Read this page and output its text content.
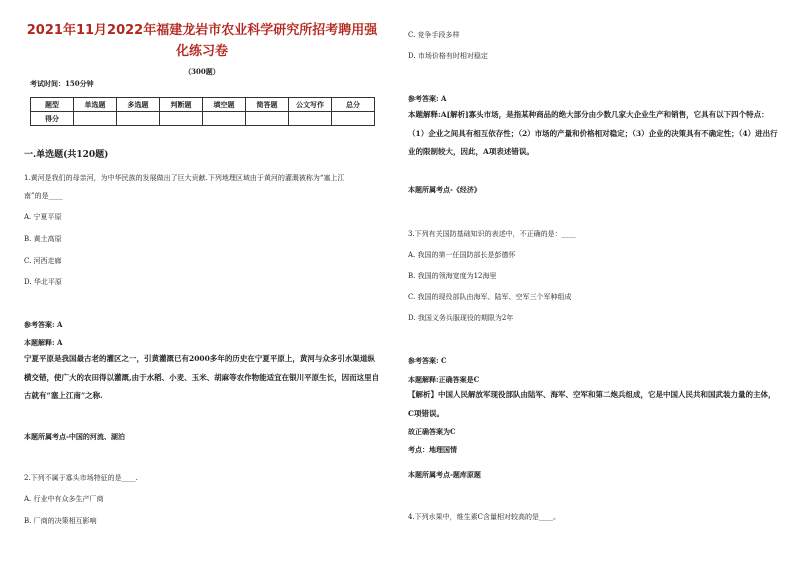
2021年11月2022年福建龙岩市农业科学研究所招考聘用强
化练习卷
（300题）
考试时间：150分钟
题型	单选题	多选题	判断题	填空题	简答题	公文写作	总分
得分							
一.单选题(共120题)
1.黄河是我们的母亲河，为中华民族的发展做出了巨大贡献.下列地理区域由于黄河的灌溉被称为“塞上江
南”的是____
A. 宁夏平原
B. 黄土高原
C. 河西走廊
D. 华北平原
参考答案: A
本题解释: A
宁夏平原是我国最古老的灌区之一，引黄灌溉已有2000多年的历史在宁夏平原上，黄河与众多引水渠道纵横交错，使广大的农田得以灌溉,由于水稻、小麦、玉米、胡麻等农作物能适宜在银川平原生长，因而这里自古就有“塞上江南”之称.
本题所属考点-中国的河流、湖泊
2.下列不属于寡头市场特征的是____.
A. 行业中有众多生产厂商
B. 厂商的决策相互影响
C. 竞争手段多样
D. 市场价格有时相对稳定
参考答案: A
本题解释:A[解析]寡头市场，是指某种商品的绝大部分由少数几家大企业生产和销售，它具有以下四个特点：（1）企业之间具有相互依存性；（2）市场的产量和价格相对稳定；（3）企业的决策具有不确定性；（4）进出行业的限制较大，因此，A项表述错误。
本题所属考点-《经济》
3.下列有关国防基础知识的表述中，不正确的是：____
A. 我国的第一任国防部长是彭德怀
B. 我国的领海宽度为12海里
C. 我国的现役部队由海军、陆军、空军三个军种组成
D. 我国义务兵服现役的期限为2年
参考答案: C
本题解释:正确答案是C
【解析】中国人民解放军现役部队由陆军、海军、空军和第二炮兵组成，它是中国人民共和国武装力量的主体，C项错误。
故正确答案为C
考点：地理国情
本题所属考点-题库原题
4.下列水果中，维生素C含量相对较高的是____。
